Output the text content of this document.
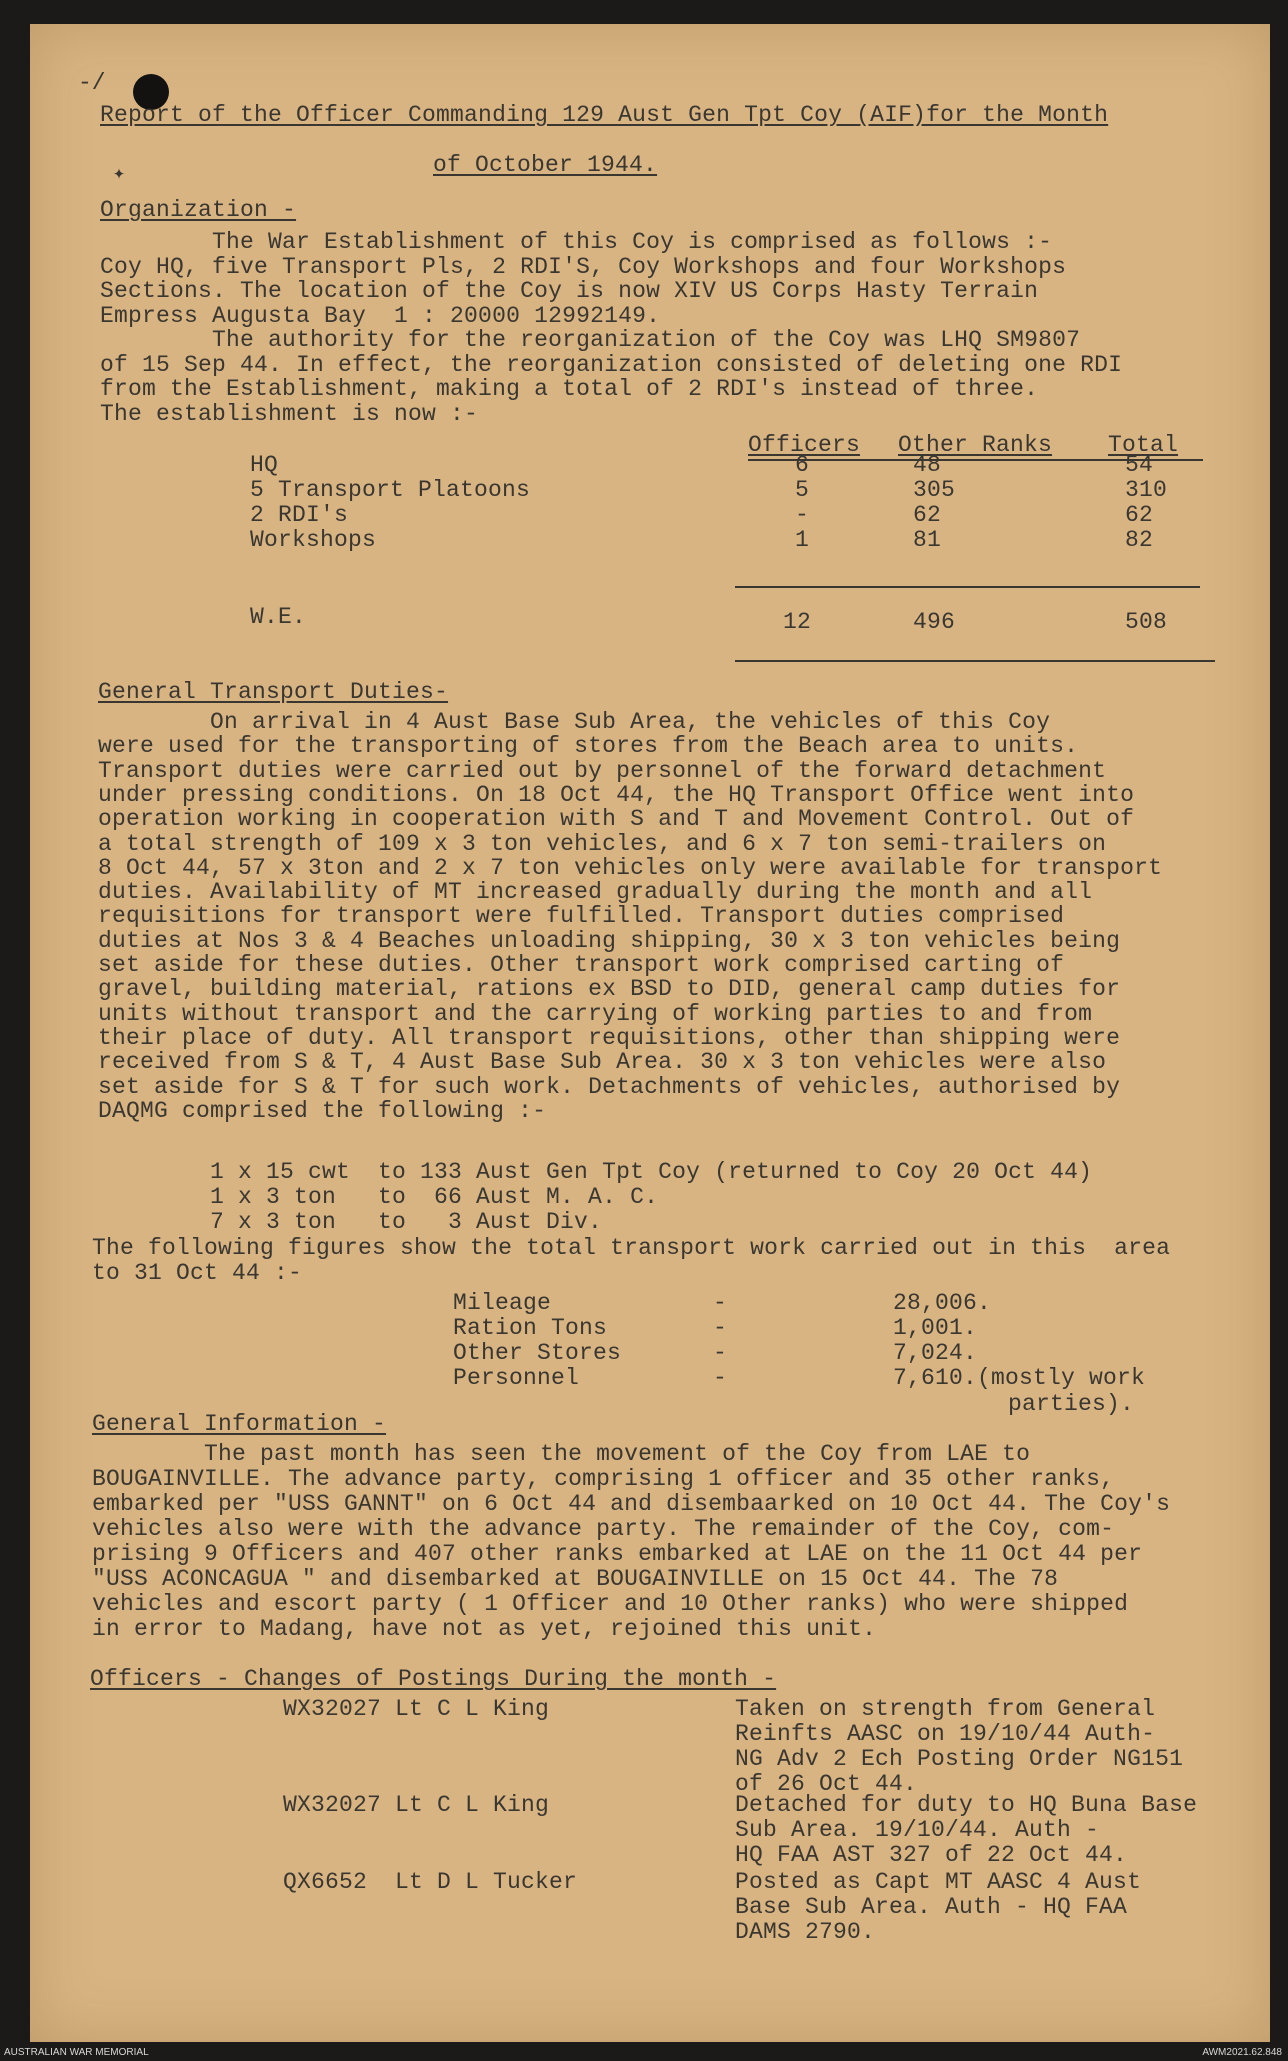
-/
✦
Report of the Officer Commanding 129 Aust Gen Tpt Coy (AIF)for the Month
of October 1944.
Organization -
The War Establishment of this Coy is comprised as follows :-
Coy HQ, five Transport Pls, 2 RDI'S, Coy Workshops and four Workshops
Sections. The location of the Coy is now XIV US Corps Hasty Terrain
Empress Augusta Bay  1 : 20000 12992149.
The authority for the reorganization of the Coy was LHQ SM9807
of 15 Sep 44. In effect, the reorganization consisted of deleting one RDI
from the Establishment, making a total of 2 RDI's instead of three.
The establishment is now :-
Officers Other Ranks Total
HQ	6	48	54
5 Transport Platoons	5	305	310
2 RDI's	-	62	62
Workshops	1	81	82
W.E.	12	496	508
General Transport Duties-
On arrival in 4 Aust Base Sub Area, the vehicles of this Coy
were used for the transporting of stores from the Beach area to units.
Transport duties were carried out by personnel of the forward detachment
under pressing conditions. On 18 Oct 44, the HQ Transport Office went into
operation working in cooperation with S and T and Movement Control. Out of
a total strength of 109 x 3 ton vehicles, and 6 x 7 ton semi-trailers on
8 Oct 44, 57 x 3ton and 2 x 7 ton vehicles only were available for transport
duties. Availability of MT increased gradually during the month and all
requisitions for transport were fulfilled. Transport duties comprised
duties at Nos 3 & 4 Beaches unloading shipping, 30 x 3 ton vehicles being
set aside for these duties. Other transport work comprised carting of
gravel, building material, rations ex BSD to DID, general camp duties for
units without transport and the carrying of working parties to and from
their place of duty. All transport requisitions, other than shipping were
received from S & T, 4 Aust Base Sub Area. 30 x 3 ton vehicles were also
set aside for S & T for such work. Detachments of vehicles, authorised by
DAQMG comprised the following :-
1 x 15 cwt  to 133 Aust Gen Tpt Coy (returned to Coy 20 Oct 44)
1 x 3 ton   to  66 Aust M. A. C.
7 x 3 ton   to   3 Aust Div.
The following figures show the total transport work carried out in this  area
to 31 Oct 44 :-
Mileage	-	28,006.
Ration Tons	-	1,001.
Other Stores	-	7,024.
Personnel	-	7,610.(mostly work
parties).
General Information -
The past month has seen the movement of the Coy from LAE to
BOUGAINVILLE. The advance party, comprising 1 officer and 35 other ranks,
embarked per "USS GANNT" on 6 Oct 44 and disembaarked on 10 Oct 44. The Coy's
vehicles also were with the advance party. The remainder of the Coy, com-
prising 9 Officers and 407 other ranks embarked at LAE on the 11 Oct 44 per
"USS ACONCAGUA " and disembarked at BOUGAINVILLE on 15 Oct 44. The 78
vehicles and escort party ( 1 Officer and 10 Other ranks) who were shipped
in error to Madang, have not as yet, rejoined this unit.
Officers - Changes of Postings During the month -
WX32027 Lt C L King	Taken on strength from General
Reinfts AASC on 19/10/44 Auth-
NG Adv 2 Ech Posting Order NG151
of 26 Oct 44.
WX32027 Lt C L King	Detached for duty to HQ Buna Base
Sub Area. 19/10/44. Auth -
HQ FAA AST 327 of 22 Oct 44.
QX6652  Lt D L Tucker	Posted as Capt MT AASC 4 Aust
Base Sub Area. Auth - HQ FAA
DAMS 2790.
AUSTRALIAN WAR MEMORIAL	AWM2021.62.848
